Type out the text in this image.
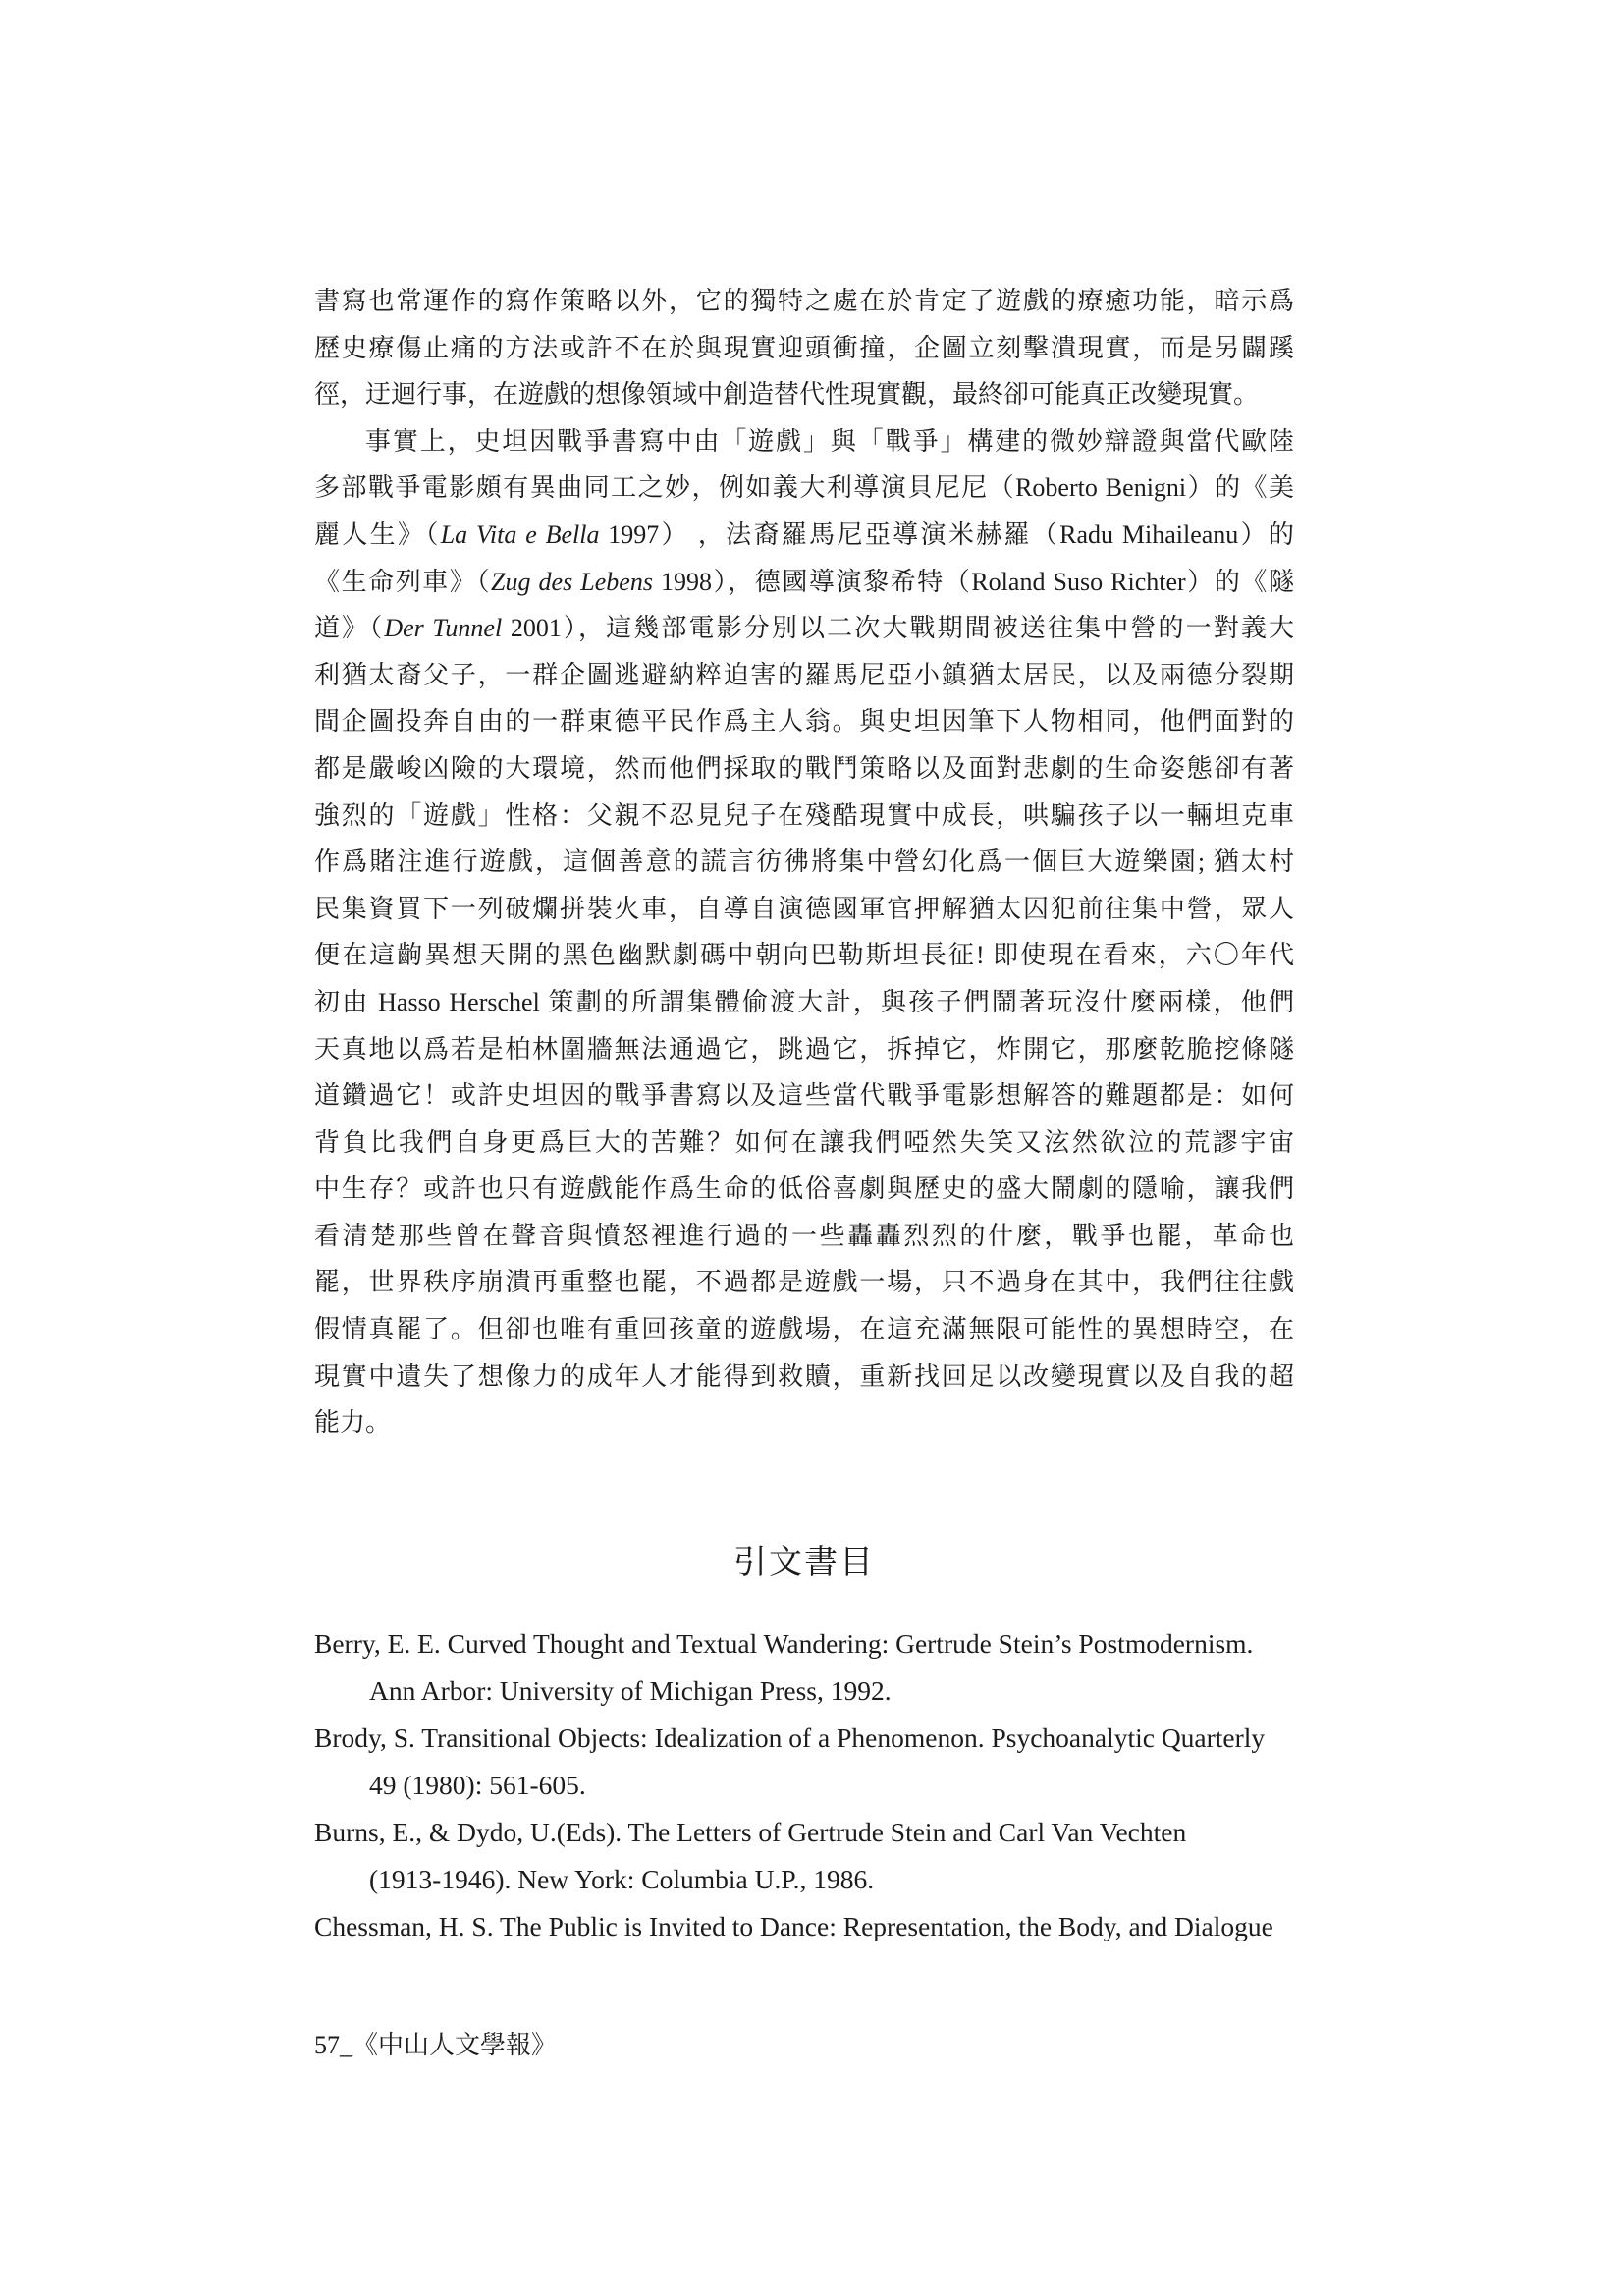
書寫也常運作的寫作策略以外，它的獨特之處在於肯定了遊戲的療癒功能，暗示爲
歷史療傷止痛的方法或許不在於與現實迎頭衝撞，企圖立刻擊潰現實，而是另闢蹊
徑，迂迴行事，在遊戲的想像領域中創造替代性現實觀，最終卻可能真正改變現實。
事實上，史坦因戰爭書寫中由「遊戲」與「戰爭」構建的微妙辯證與當代歐陸
多部戰爭電影頗有異曲同工之妙，例如義大利導演貝尼尼（Roberto Benigni）的《美
麗人生》（La Vita e Bella 1997） ，法裔羅馬尼亞導演米赫羅（Radu Mihaileanu）的
《生命列車》（Zug des Lebens 1998），德國導演黎希特（Roland Suso Richter）的《隧
道》（Der Tunnel 2001），這幾部電影分別以二次大戰期間被送往集中營的一對義大
利猶太裔父子，一群企圖逃避納粹迫害的羅馬尼亞小鎮猶太居民，以及兩德分裂期
間企圖投奔自由的一群東德平民作爲主人翁。與史坦因筆下人物相同，他們面對的
都是嚴峻凶險的大環境，然而他們採取的戰鬥策略以及面對悲劇的生命姿態卻有著
強烈的「遊戲」性格：父親不忍見兒子在殘酷現實中成長，哄騙孩子以一輛坦克車
作爲賭注進行遊戲，這個善意的謊言彷彿將集中營幻化爲一個巨大遊樂園; 猶太村
民集資買下一列破爛拼裝火車，自導自演德國軍官押解猶太囚犯前往集中營，眾人
便在這齣異想天開的黑色幽默劇碼中朝向巴勒斯坦長征! 即使現在看來，六〇年代
初由 Hasso Herschel 策劃的所謂集體偷渡大計，與孩子們鬧著玩沒什麼兩樣，他們
天真地以爲若是柏林圍牆無法通過它，跳過它，拆掉它，炸開它，那麼乾脆挖條隧
道鑽過它！或許史坦因的戰爭書寫以及這些當代戰爭電影想解答的難題都是：如何
背負比我們自身更爲巨大的苦難？如何在讓我們啞然失笑又泫然欲泣的荒謬宇宙
中生存？或許也只有遊戲能作爲生命的低俗喜劇與歷史的盛大鬧劇的隱喻，讓我們
看清楚那些曾在聲音與憤怒裡進行過的一些轟轟烈烈的什麼，戰爭也罷，革命也
罷，世界秩序崩潰再重整也罷，不過都是遊戲一場，只不過身在其中，我們往往戲
假情真罷了。但卻也唯有重回孩童的遊戲場，在這充滿無限可能性的異想時空，在
現實中遺失了想像力的成年人才能得到救贖，重新找回足以改變現實以及自我的超
能力。
引文書目
Berry, E. E. Curved Thought and Textual Wandering: Gertrude Stein’s Postmodernism.
Ann Arbor: University of Michigan Press, 1992.
Brody, S. Transitional Objects: Idealization of a Phenomenon. Psychoanalytic Quarterly
49 (1980): 561-605.
Burns, E., & Dydo, U.(Eds). The Letters of Gertrude Stein and Carl Van Vechten
(1913-1946). New York: Columbia U.P., 1986.
Chessman, H. S. The Public is Invited to Dance: Representation, the Body, and Dialogue
57_《中山人文學報》
